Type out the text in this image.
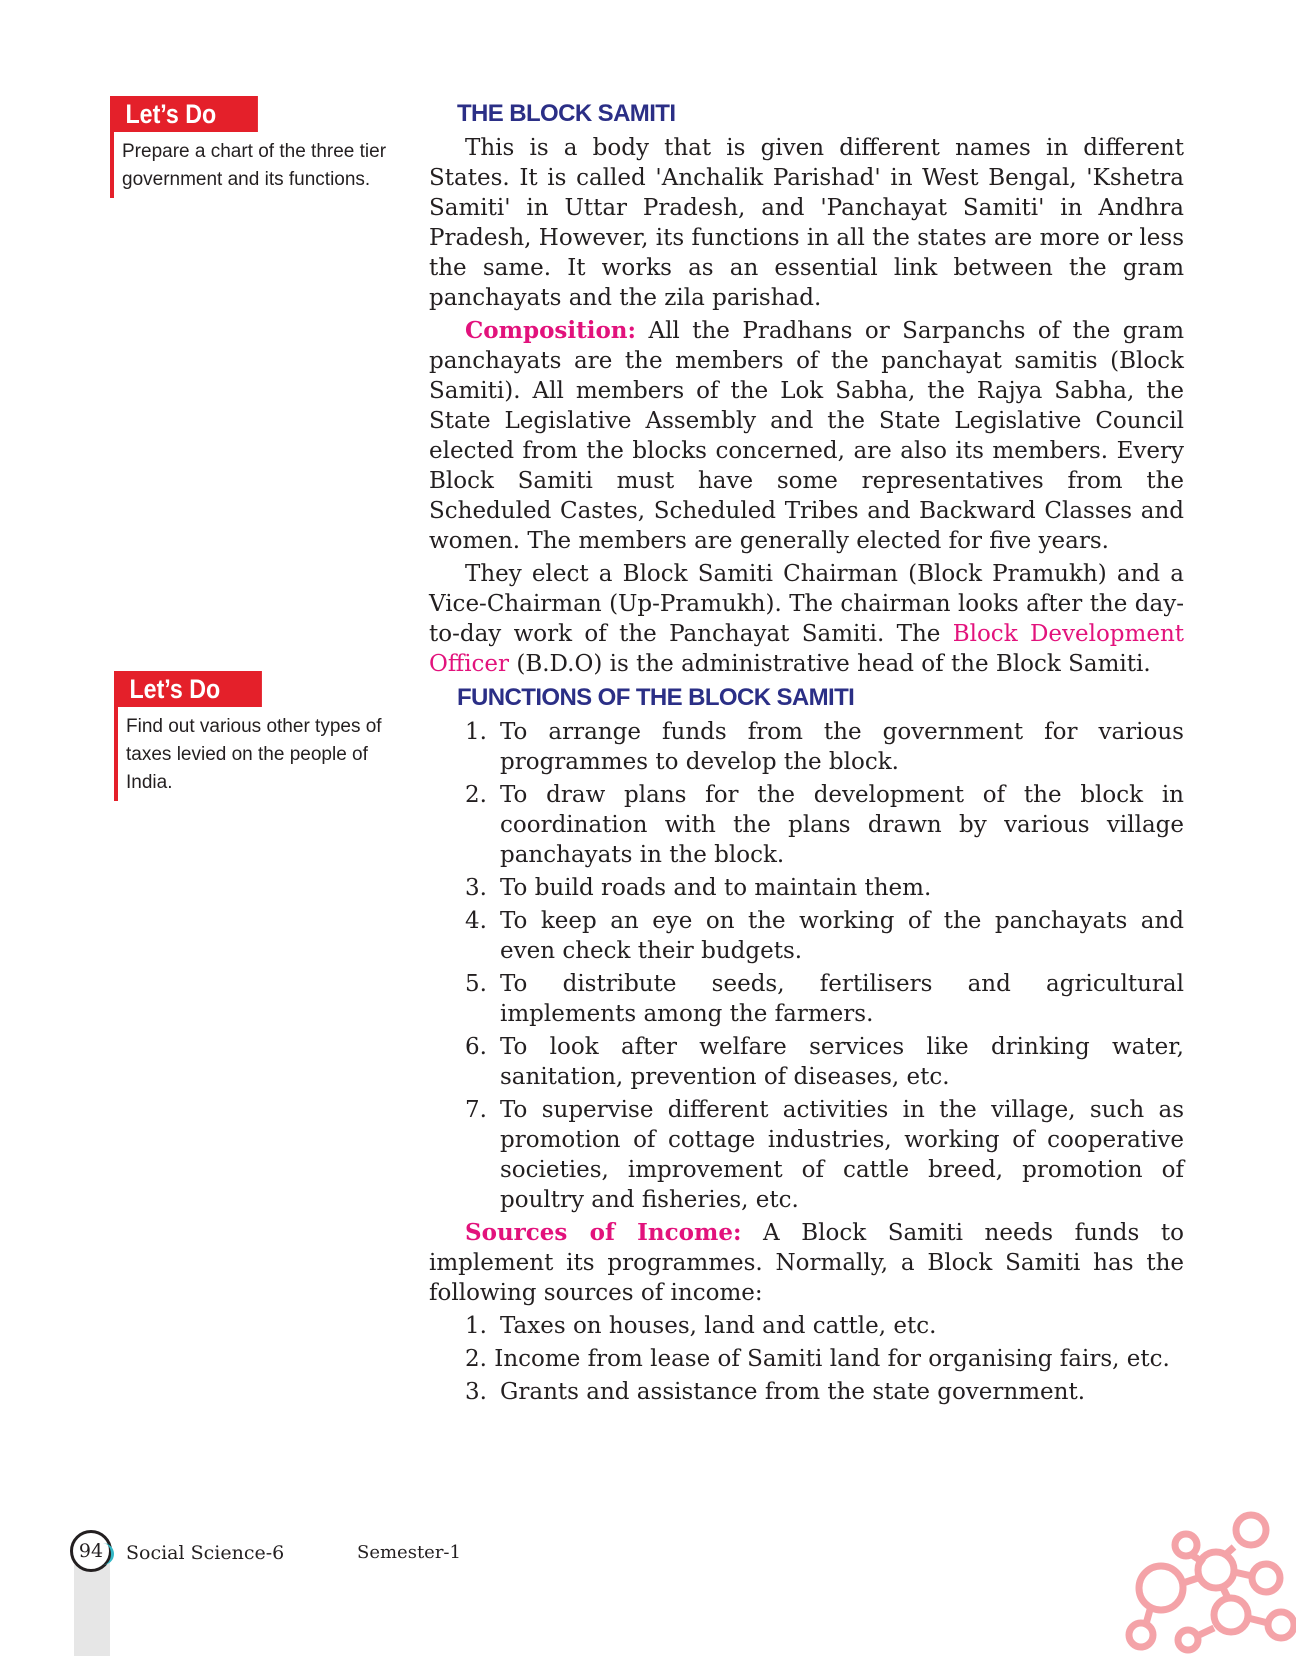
Let’s Do
Prepare a chart of the three tier government and its functions.
Let’s Do
Find out various other types of taxes levied on the people of India.
THE BLOCK SAMITI

This is a body that is given different names in different States. It is called 'Anchalik Parishad' in West Bengal, 'Kshetra Samiti' in Uttar Pradesh, and 'Panchayat Samiti' in Andhra Pradesh, However, its functions in all the states are more or less the same. It works as an essential link between the gram panchayats and the zila parishad.

Composition: All the Pradhans or Sarpanchs of the gram panchayats are the members of the panchayat samitis (Block Samiti). All members of the Lok Sabha, the Rajya Sabha, the State Legislative Assembly and the State Legislative Council elected from the blocks concerned, are also its members. Every Block Samiti must have some representatives from the Scheduled Castes, Scheduled Tribes and Backward Classes and women. The members are generally elected for five years.

They elect a Block Samiti Chairman (Block Pramukh) and a Vice-Chairman (Up-Pramukh). The chairman looks after the day-to-day work of the Panchayat Samiti. The Block Development Officer (B.D.O) is the administrative head of the Block Samiti.

FUNCTIONS OF THE BLOCK SAMITI
1. To arrange funds from the government for various programmes to develop the block.
2. To draw plans for the development of the block in coordination with the plans drawn by various village panchayats in the block.
3. To build roads and to maintain them.
4. To keep an eye on the working of the panchayats and even check their budgets.
5. To distribute seeds, fertilisers and agricultural implements among the farmers.
6. To look after welfare services like drinking water, sanitation, prevention of diseases, etc.
7. To supervise different activities in the village, such as promotion of cottage industries, working of cooperative societies, improvement of cattle breed, promotion of poultry and fisheries, etc.

Sources of Income: A Block Samiti needs funds to implement its programmes. Normally, a Block Samiti has the following sources of income:

1. Taxes on houses, land and cattle, etc.
2. Income from lease of Samiti land for organising fairs, etc.
3. Grants and assistance from the state government.
94 Social Science-6	Semester-1
